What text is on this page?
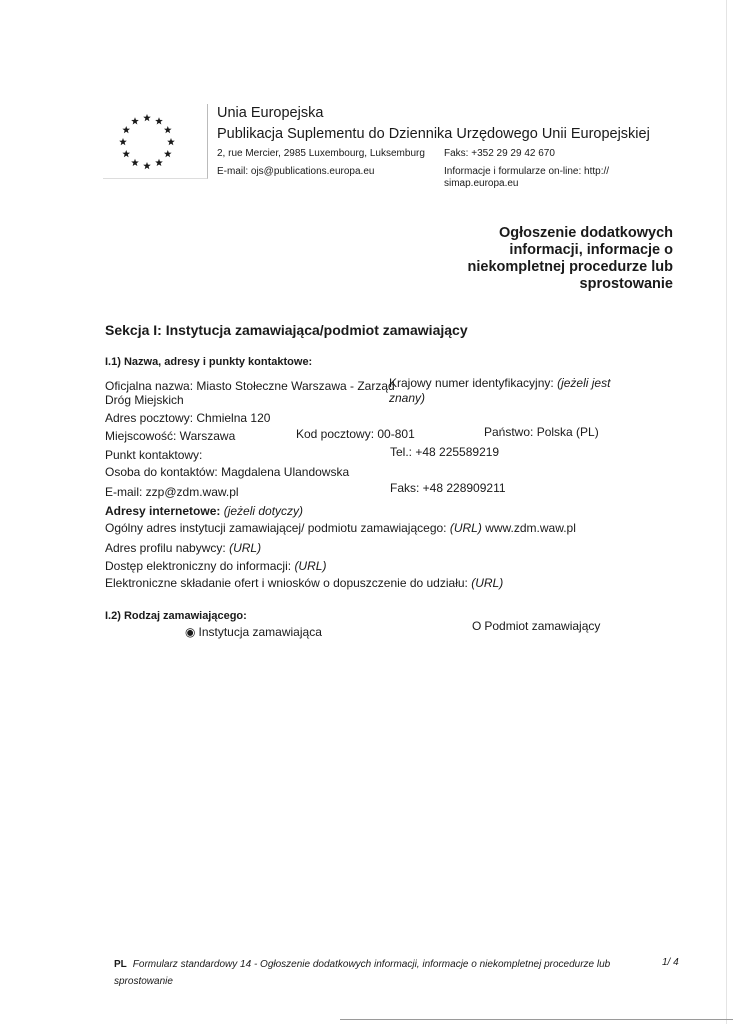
Unia Europejska
Publikacja Suplementu do Dziennika Urzędowego Unii Europejskiej
2, rue Mercier, 2985 Luxembourg, Luksemburg Faks: +352 29 29 42 670
E-mail: ojs@publications.europa.eu	Informacje i formularze on-line: http://
simap.europa.eu
Ogłoszenie dodatkowych
informacji, informacje o
niekompletnej procedurze lub
sprostowanie
Sekcja I: Instytucja zamawiająca/podmiot zamawiający
I.1) Nazwa, adresy i punkty kontaktowe:
Oficjalna nazwa: Miasto Stołeczne Warszawa - Zarząd
Dróg Miejskich
Krajowy numer identyfikacyjny: (jeżeli jest
znany)
Adres pocztowy: Chmielna 120
Miejscowość: Warszawa	Kod pocztowy: 00-801	Państwo: Polska (PL)
Punkt kontaktowy:	Tel.: +48 225589219
Osoba do kontaktów: Magdalena Ulandowska
E-mail: zzp@zdm.waw.pl	Faks: +48 228909211
Adresy internetowe: (jeżeli dotyczy)
Ogólny adres instytucji zamawiającej/ podmiotu zamawiającego: (URL) www.zdm.waw.pl
Adres profilu nabywcy: (URL)
Dostęp elektroniczny do informacji: (URL)
Elektroniczne składanie ofert i wniosków o dopuszczenie do udziału: (URL)
I.2) Rodzaj zamawiającego:
◉ Instytucja zamawiająca	O Podmiot zamawiający
PL Formularz standardowy 14 - Ogłoszenie dodatkowych informacji, informacje o niekompletnej procedurze lub
sprostowanie
1/ 4
